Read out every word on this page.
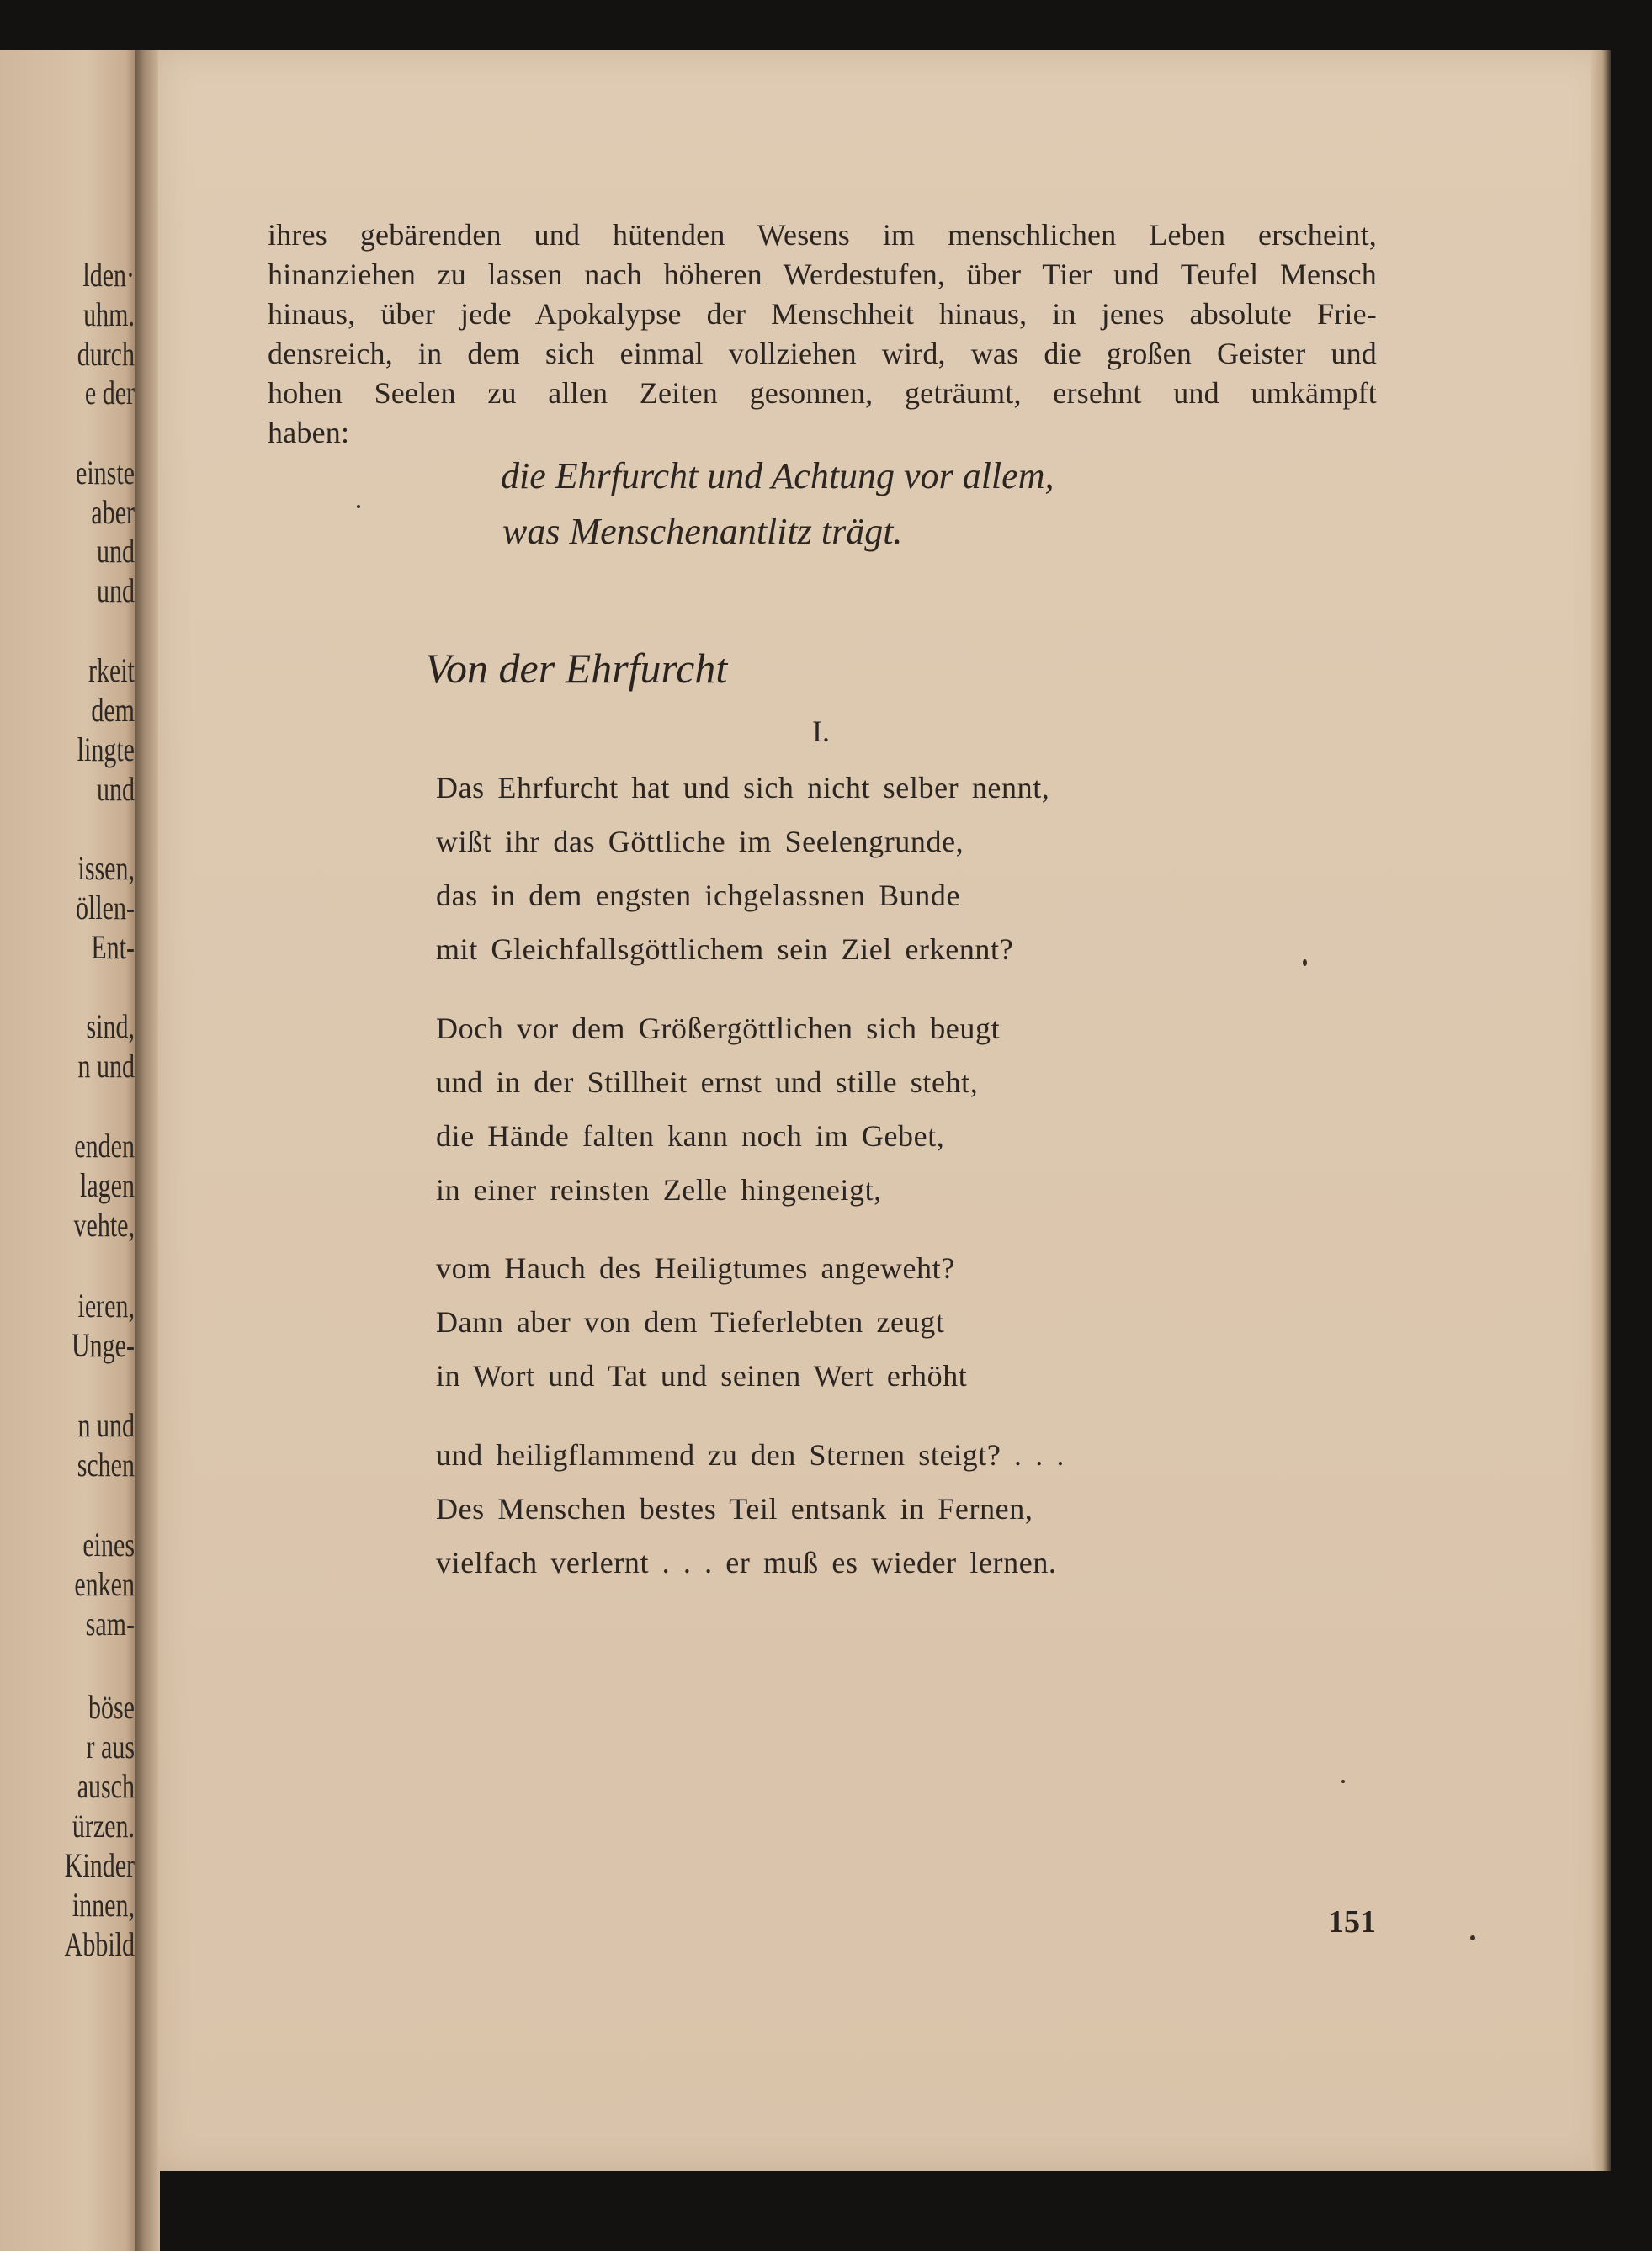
lden·
uhm.
durch
e der
einste
aber
und
und
rkeit
dem
lingte
und
issen,
öllen-
Ent-
sind,
n und
enden
lagen
vehte,
ieren,
Unge-
n und
schen
eines
enken
sam-
böse
r aus
ausch
ürzen.
Kinder
innen,
Abbild
ihres gebärenden und hütenden Wesens im menschlichen Leben erscheint,
hinanziehen zu lassen nach höheren Werdestufen, über Tier und Teufel Mensch
hinaus, über jede Apokalypse der Menschheit hinaus, in jenes absolute Frie-
densreich, in dem sich einmal vollziehen wird, was die großen Geister und
hohen Seelen zu allen Zeiten gesonnen, geträumt, ersehnt und umkämpft
haben:
die Ehrfurcht und Achtung vor allem,
was Menschenantlitz trägt.
Von der Ehrfurcht
I.
Das Ehrfurcht hat und sich nicht selber nennt,
wißt ihr das Göttliche im Seelengrunde,
das in dem engsten ichgelassnen Bunde
mit Gleichfallsgöttlichem sein Ziel erkennt?
Doch vor dem Größergöttlichen sich beugt
und in der Stillheit ernst und stille steht,
die Hände falten kann noch im Gebet,
in einer reinsten Zelle hingeneigt,
vom Hauch des Heiligtumes angeweht?
Dann aber von dem Tieferlebten zeugt
in Wort und Tat und seinen Wert erhöht
und heiligflammend zu den Sternen steigt? . . .
Des Menschen bestes Teil entsank in Fernen,
vielfach verlernt . . . er muß es wieder lernen.
151
